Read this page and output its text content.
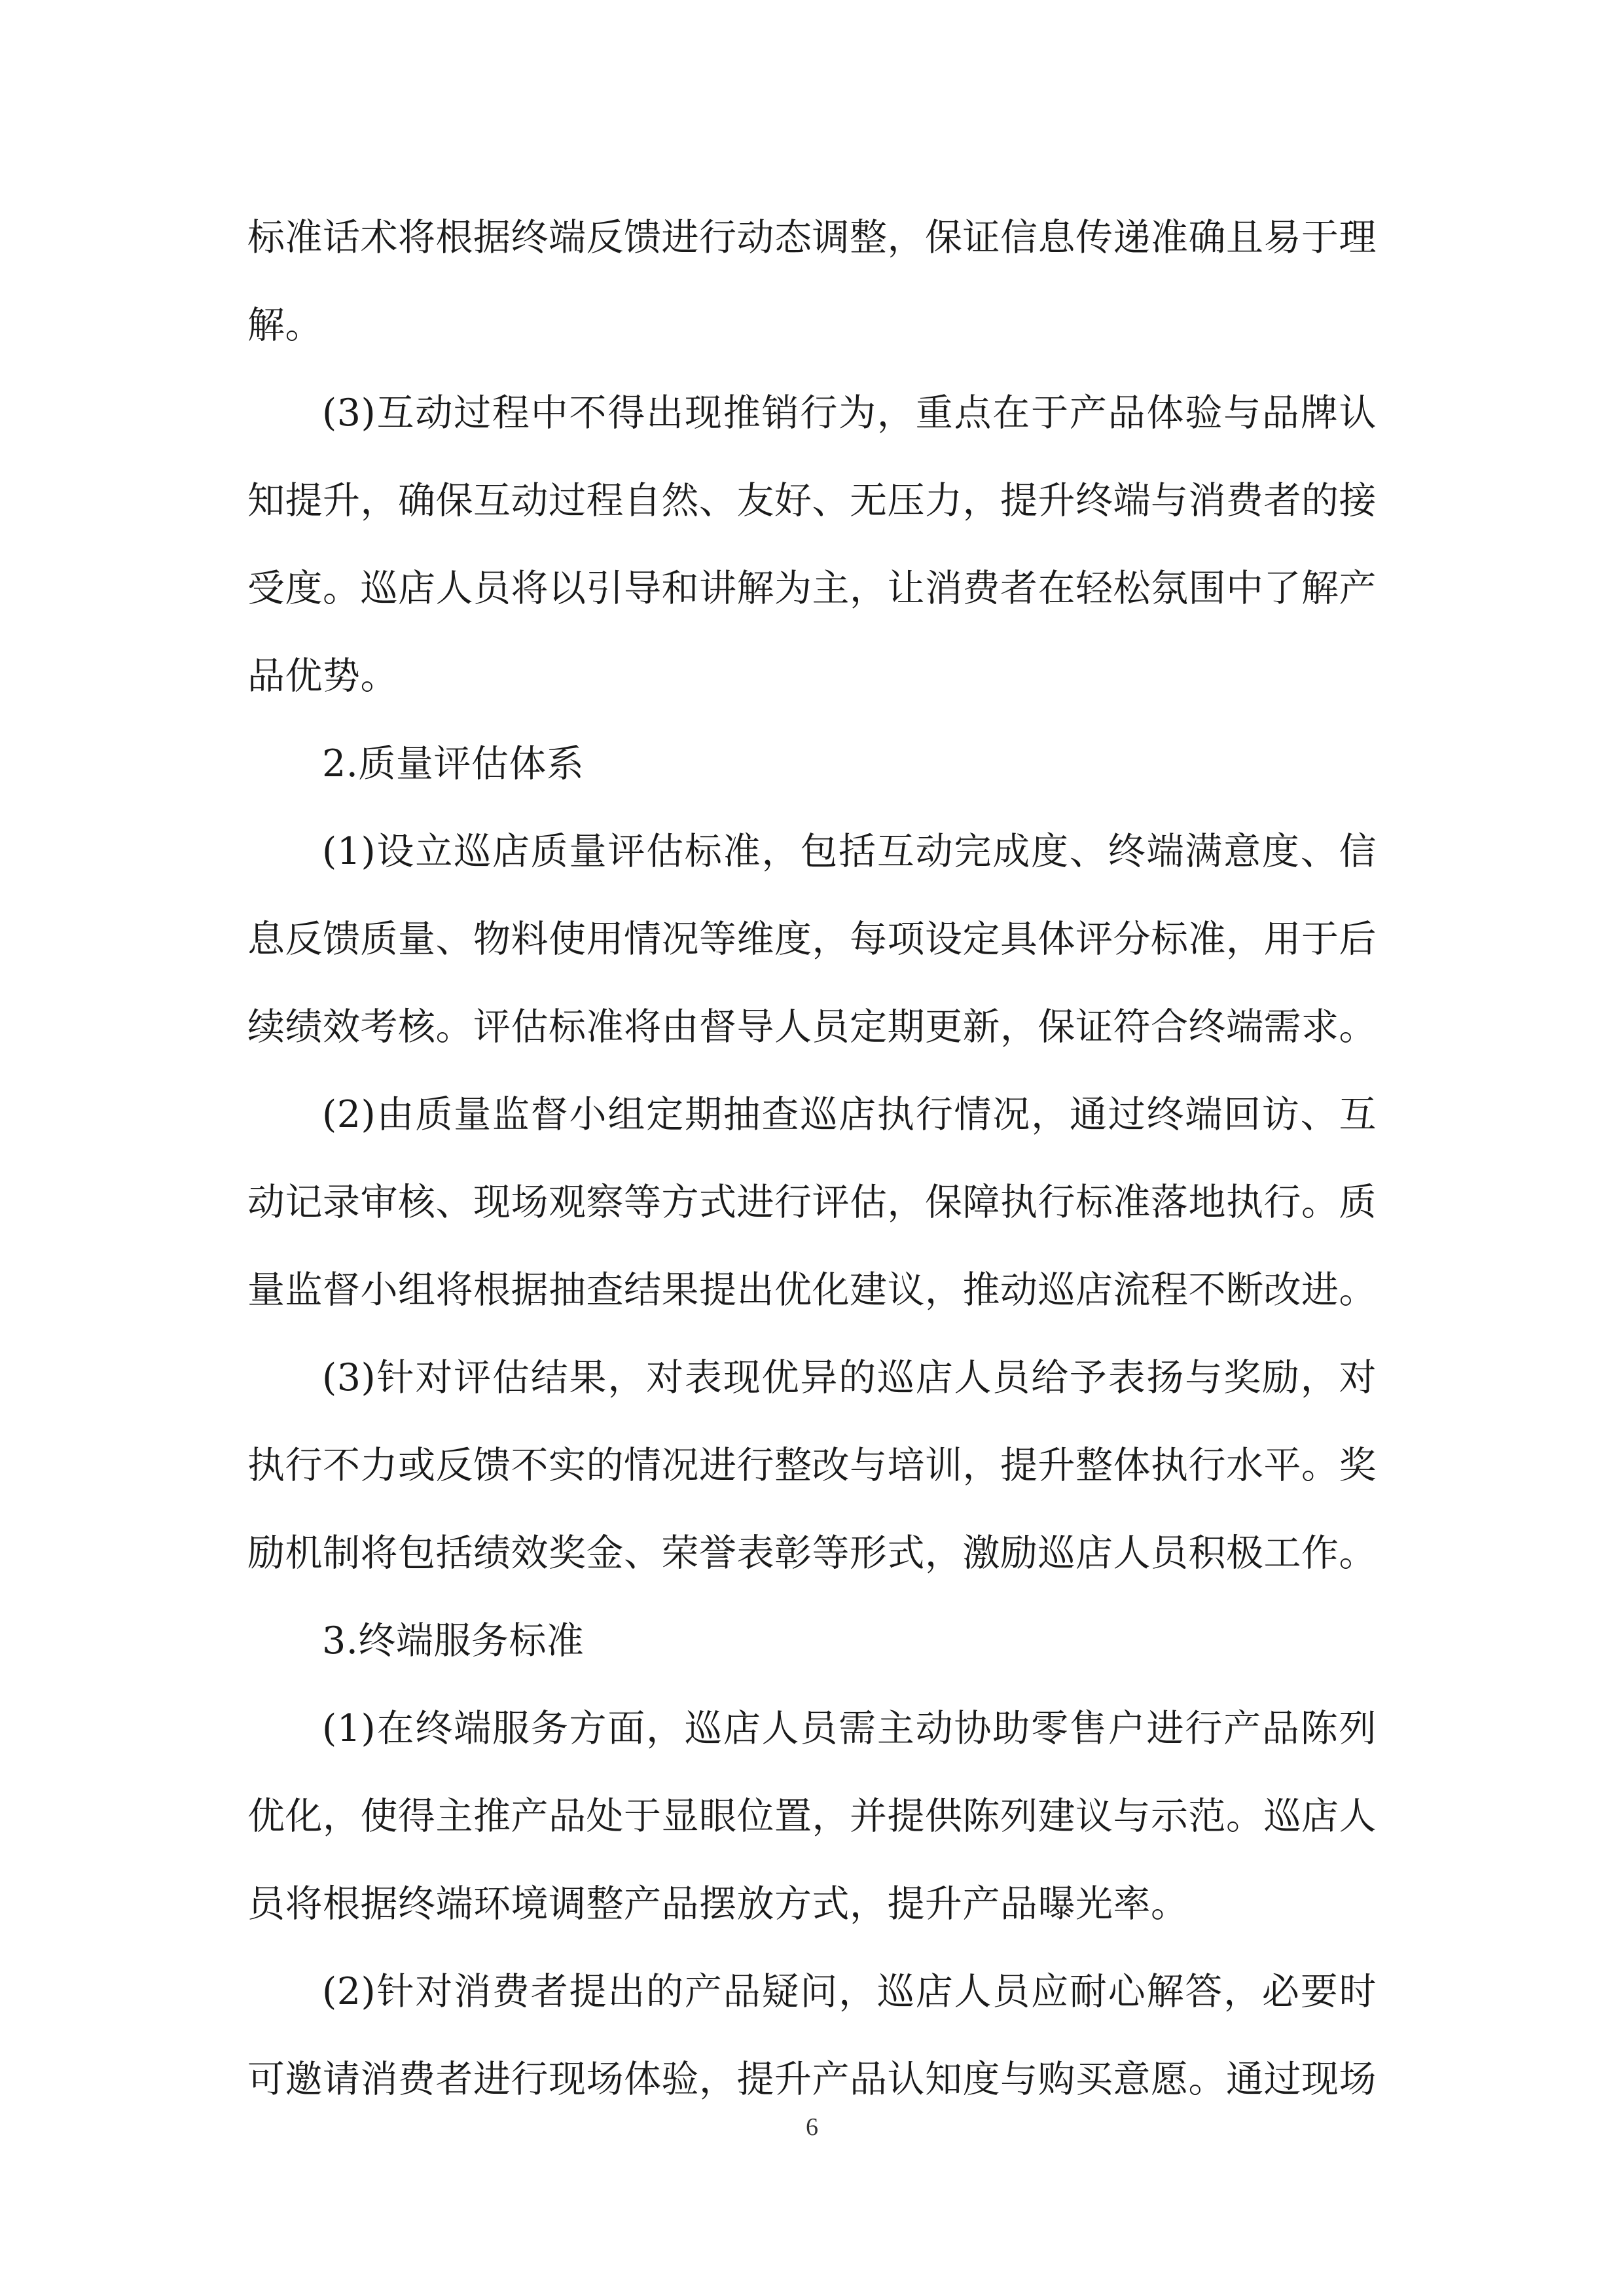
标准话术将根据终端反馈进行动态调整，保证信息传递准确且易于理解。

(3)互动过程中不得出现推销行为，重点在于产品体验与品牌认知提升，确保互动过程自然、友好、无压力，提升终端与消费者的接受度。巡店人员将以引导和讲解为主，让消费者在轻松氛围中了解产品优势。

2.质量评估体系

(1)设立巡店质量评估标准，包括互动完成度、终端满意度、信息反馈质量、物料使用情况等维度，每项设定具体评分标准，用于后续绩效考核。评估标准将由督导人员定期更新，保证符合终端需求。

(2)由质量监督小组定期抽查巡店执行情况，通过终端回访、互动记录审核、现场观察等方式进行评估，保障执行标准落地执行。质量监督小组将根据抽查结果提出优化建议，推动巡店流程不断改进。

(3)针对评估结果，对表现优异的巡店人员给予表扬与奖励，对执行不力或反馈不实的情况进行整改与培训，提升整体执行水平。奖励机制将包括绩效奖金、荣誉表彰等形式，激励巡店人员积极工作。

3.终端服务标准

(1)在终端服务方面，巡店人员需主动协助零售户进行产品陈列优化，使得主推产品处于显眼位置，并提供陈列建议与示范。巡店人员将根据终端环境调整产品摆放方式，提升产品曝光率。

(2)针对消费者提出的产品疑问，巡店人员应耐心解答，必要时可邀请消费者进行现场体验，提升产品认知度与购买意愿。通过现场

6
